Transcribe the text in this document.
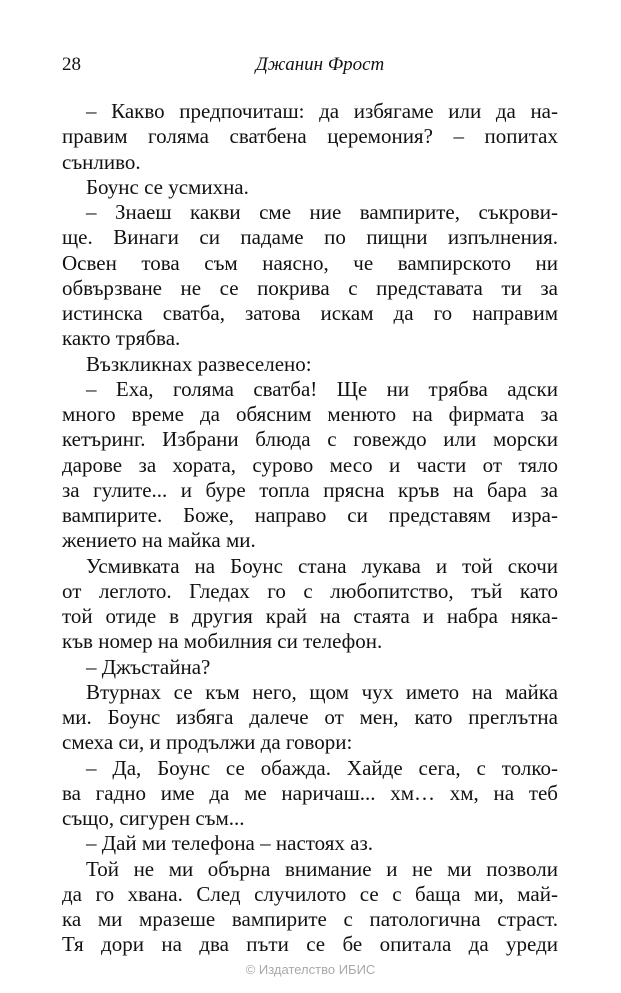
28	Джанин Фрост
– Какво предпочиташ: да избягаме или да на-
правим голяма сватбена церемония? – попитах
сънливо.
Боунс се усмихна.
– Знаеш какви сме ние вампирите, съкрови-
ще. Винаги си падаме по пищни изпълнения.
Освен това съм наясно, че вампирското ни
обвързване не се покрива с представата ти за
истинска сватба, затова искам да го направим
както трябва.
Възкликнах развеселено:
– Еха, голяма сватба! Ще ни трябва адски
много време да обясним менюто на фирмата за
кетъринг. Избрани блюда с говеждо или морски
дарове за хората, сурово месо и части от тяло
за гулите... и буре топла прясна кръв на бара за
вампирите. Боже, направо си представям изра-
жението на майка ми.
Усмивката на Боунс стана лукава и той скочи
от леглото. Гледах го с любопитство, тъй като
той отиде в другия край на стаята и набра няка-
къв номер на мобилния си телефон.
– Джъстайна?
Втурнах се към него, щом чух името на майка
ми. Боунс избяга далече от мен, като преглътна
смеха си, и продължи да говори:
– Да, Боунс се обажда. Хайде сега, с толко-
ва гадно име да ме наричаш... хм… хм, на теб
също, сигурен съм...
– Дай ми телефона – настоях аз.
Той не ми обърна внимание и не ми позволи
да го хвана. След случилото се с баща ми, май-
ка ми мразеше вампирите с патологична страст.
Тя дори на два пъти се бе опитала да уреди
© Издателство ИБИС
